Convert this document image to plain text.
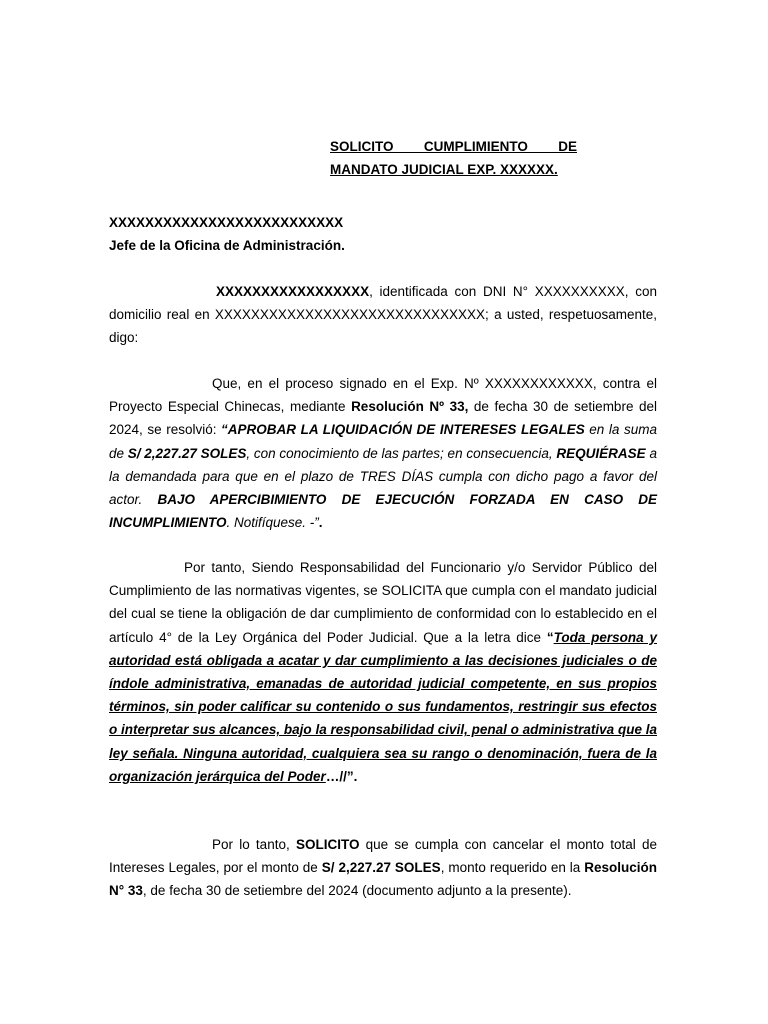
SOLICITO CUMPLIMIENTO DE
MANDATO JUDICIAL EXP. XXXXXX.
XXXXXXXXXXXXXXXXXXXXXXXXXX
Jefe de la Oficina de Administración.

XXXXXXXXXXXXXXXXX, identificada con DNI N° XXXXXXXXXX, con domicilio real en XXXXXXXXXXXXXXXXXXXXXXXXXXXXXX; a usted, respetuosamente, digo:

Que, en el proceso signado en el Exp. Nº XXXXXXXXXXXX, contra el Proyecto Especial Chinecas, mediante Resolución Nº 33, de fecha 30 de setiembre del 2024, se resolvió: “APROBAR LA LIQUIDACIÓN DE INTERESES LEGALES en la suma de S/ 2,227.27 SOLES, con conocimiento de las partes; en consecuencia, REQUIÉRASE a la demandada para que en el plazo de TRES DÍAS cumpla con dicho pago a favor del actor. BAJO APERCIBIMIENTO DE EJECUCIÓN FORZADA EN CASO DE INCUMPLIMIENTO. Notifíquese. -”.

Por tanto, Siendo Responsabilidad del Funcionario y/o Servidor Público del Cumplimiento de las normativas vigentes, se SOLICITA que cumpla con el mandato judicial del cual se tiene la obligación de dar cumplimiento de conformidad con lo establecido en el artículo 4° de la Ley Orgánica del Poder Judicial. Que a la letra dice “Toda persona y autoridad está obligada a acatar y dar cumplimiento a las decisiones judiciales o de índole administrativa, emanadas de autoridad judicial competente, en sus propios términos, sin poder calificar su contenido o sus fundamentos, restringir sus efectos o interpretar sus alcances, bajo la responsabilidad civil, penal o administrativa que la ley señala. Ninguna autoridad, cualquiera sea su rango o denominación, fuera de la organización jerárquica del Poder…//”.

Por lo tanto, SOLICITO que se cumpla con cancelar el monto total de Intereses Legales, por el monto de S/ 2,227.27 SOLES, monto requerido en la Resolución N° 33, de fecha 30 de setiembre del 2024 (documento adjunto a la presente).
